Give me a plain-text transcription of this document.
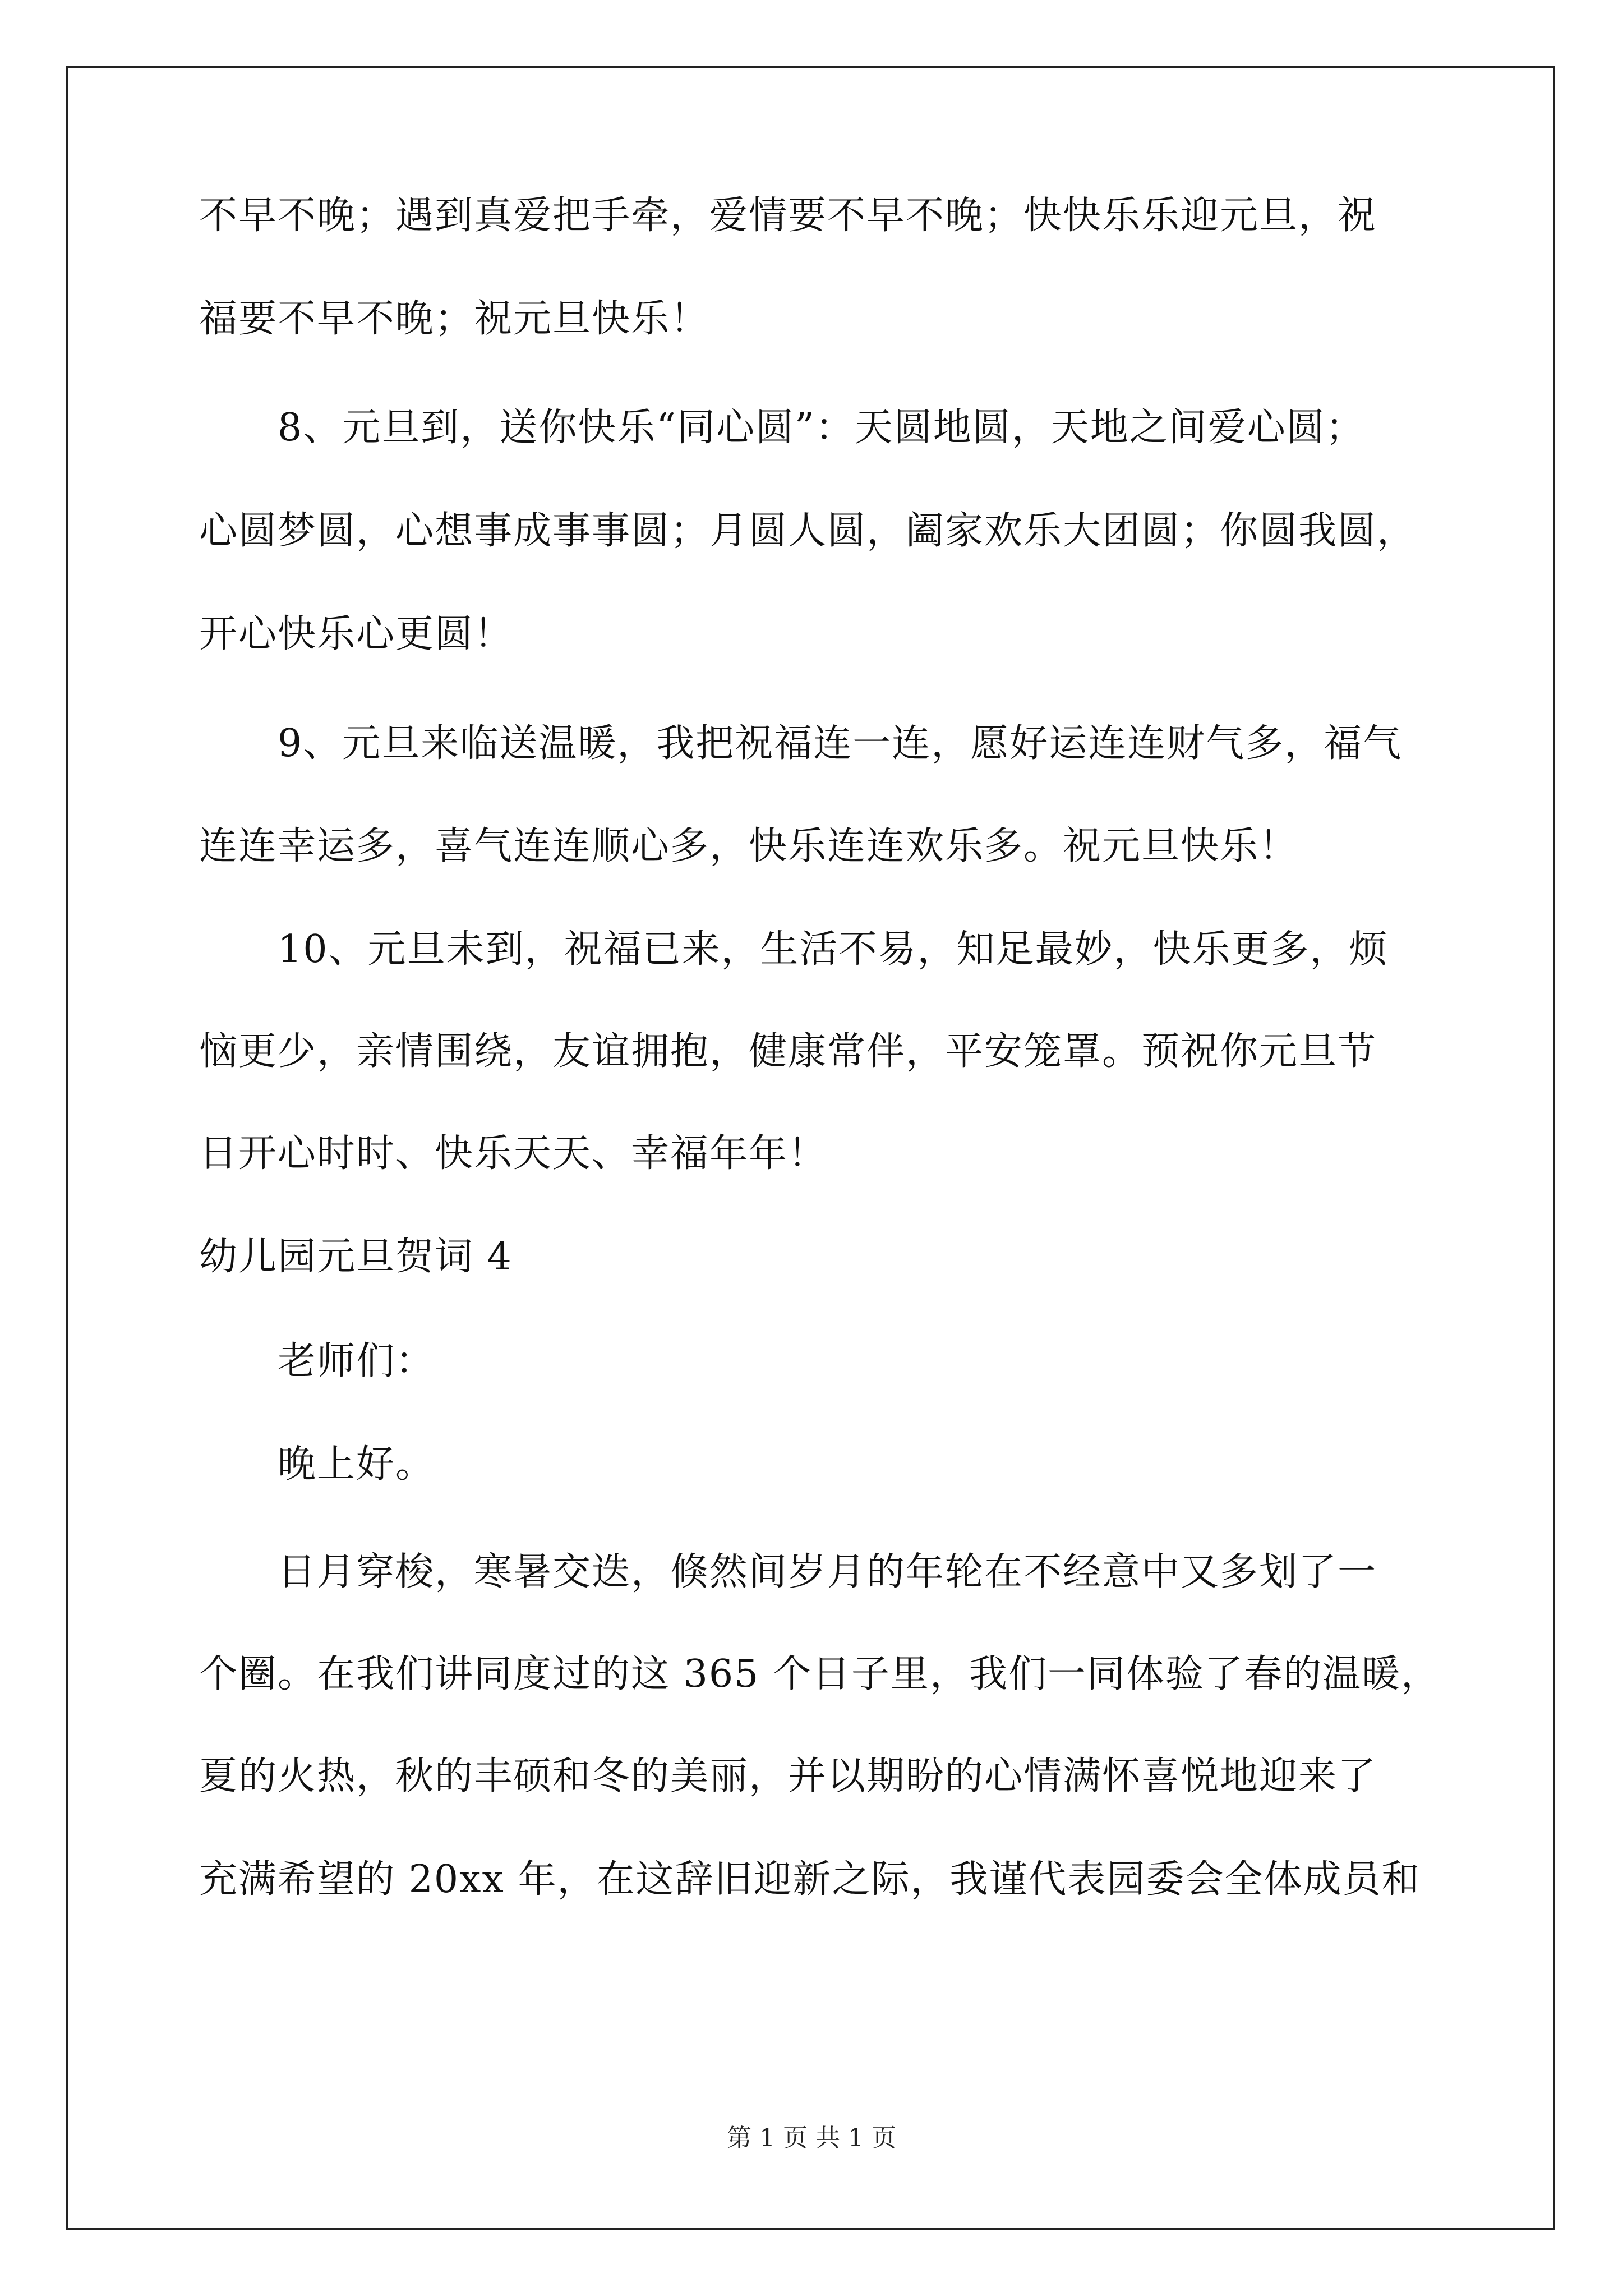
不早不晚；遇到真爱把手牵，爱情要不早不晚；快快乐乐迎元旦，祝
福要不早不晚；祝元旦快乐！
8、元旦到，送你快乐“同心圆”：天圆地圆，天地之间爱心圆；
心圆梦圆，心想事成事事圆；月圆人圆，阖家欢乐大团圆；你圆我圆，
开心快乐心更圆！
9、元旦来临送温暖，我把祝福连一连，愿好运连连财气多，福气
连连幸运多，喜气连连顺心多，快乐连连欢乐多。祝元旦快乐！
10、元旦未到，祝福已来，生活不易，知足最妙，快乐更多，烦
恼更少，亲情围绕，友谊拥抱，健康常伴，平安笼罩。预祝你元旦节
日开心时时、快乐天天、幸福年年！
幼儿园元旦贺词 4
老师们：
晚上好。
日月穿梭，寒暑交迭，倏然间岁月的年轮在不经意中又多划了一
个圈。在我们讲同度过的这 365 个日子里，我们一同体验了春的温暖，
夏的火热，秋的丰硕和冬的美丽，并以期盼的心情满怀喜悦地迎来了
充满希望的 20xx 年，在这辞旧迎新之际，我谨代表园委会全体成员和
第 1 页 共 1 页
